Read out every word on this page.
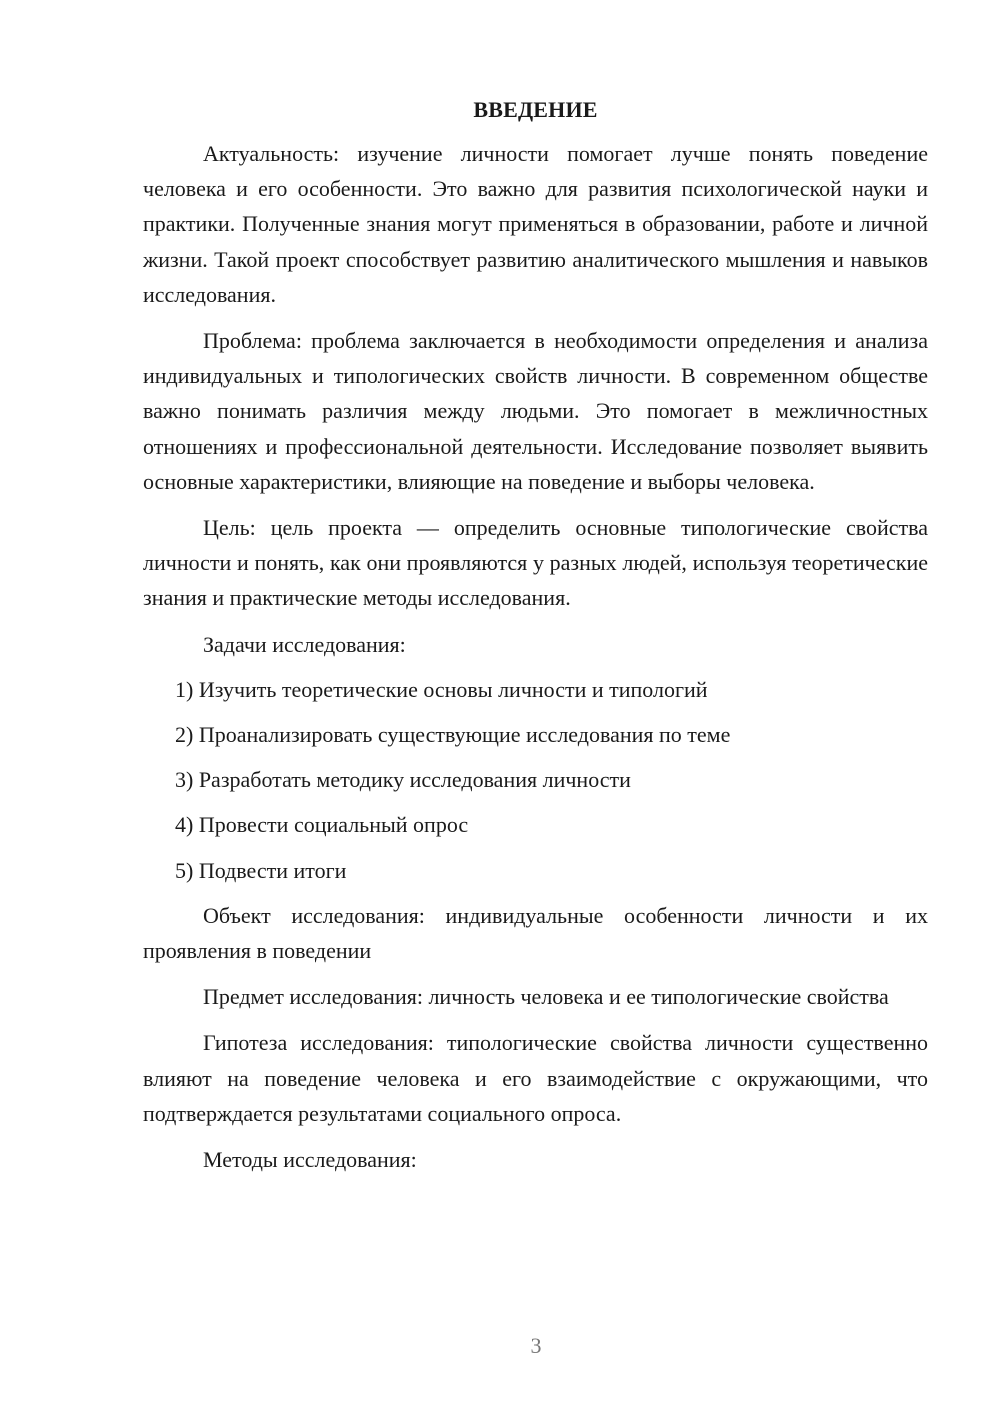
ВВЕДЕНИЕ

Актуальность: изучение личности помогает лучше понять поведение человека и его особенности. Это важно для развития психологической науки и практики. Полученные знания могут применяться в образовании, работе и личной жизни. Такой проект способствует развитию аналитического мышления и навыков исследования.

Проблема: проблема заключается в необходимости определения и анализа индивидуальных и типологических свойств личности. В современном обществе важно понимать различия между людьми. Это помогает в межличностных отношениях и профессиональной деятельности. Исследование позволяет выявить основные характеристики, влияющие на поведение и выборы человека.

Цель: цель проекта — определить основные типологические свойства личности и понять, как они проявляются у разных людей, используя теоретические знания и практические методы исследования.

Задачи исследования:

1) Изучить теоретические основы личности и типологий
2) Проанализировать существующие исследования по теме
3) Разработать методику исследования личности
4) Провести социальный опрос
5) Подвести итоги

Объект исследования: индивидуальные особенности личности и их проявления в поведении

Предмет исследования: личность человека и ее типологические свойства

Гипотеза исследования: типологические свойства личности существенно влияют на поведение человека и его взаимодействие с окружающими, что подтверждается результатами социального опроса.

Методы исследования:

3
